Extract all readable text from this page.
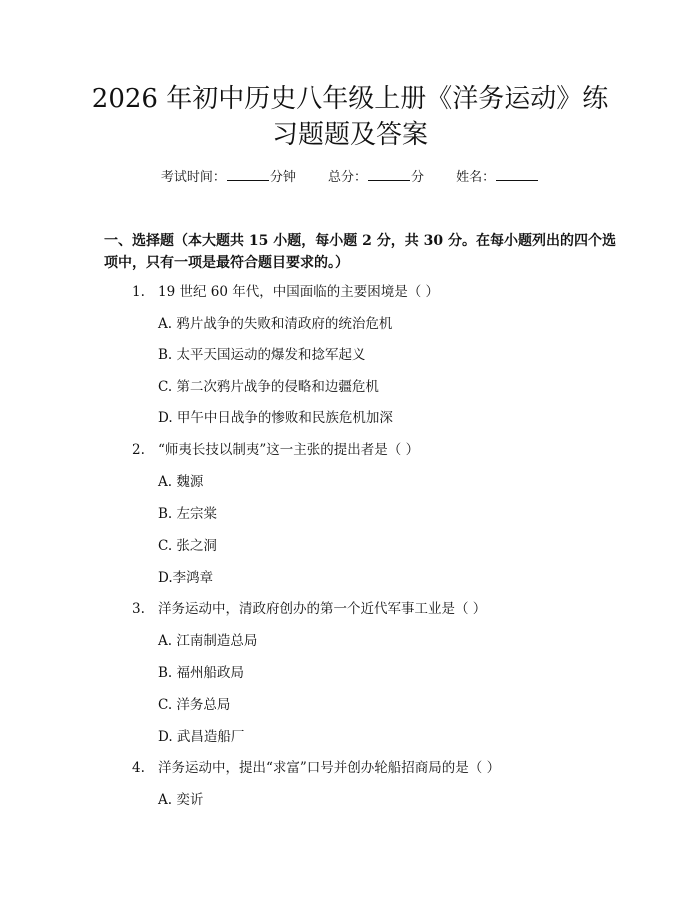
2026 年初中历史八年级上册《洋务运动》练
习题题及答案
考试时间：	分钟 总分：	分 姓名：
一、选择题（本大题共 15 小题，每小题 2 分，共 30 分。在每小题列出的四个选
项中，只有一项是最符合题目要求的。）
1. 19 世纪 60 年代，中国面临的主要困境是（ ）
A. 鸦片战争的失败和清政府的统治危机
B. 太平天国运动的爆发和捻军起义
C. 第二次鸦片战争的侵略和边疆危机
D. 甲午中日战争的惨败和民族危机加深
2. “师夷长技以制夷”这一主张的提出者是（ ）
A. 魏源
B. 左宗棠
C. 张之洞
D.李鸿章
3. 洋务运动中，清政府创办的第一个近代军事工业是（ ）
A. 江南制造总局
B. 福州船政局
C. 洋务总局
D. 武昌造船厂
4. 洋务运动中，提出“求富”口号并创办轮船招商局的是（ ）
A. 奕䜣
